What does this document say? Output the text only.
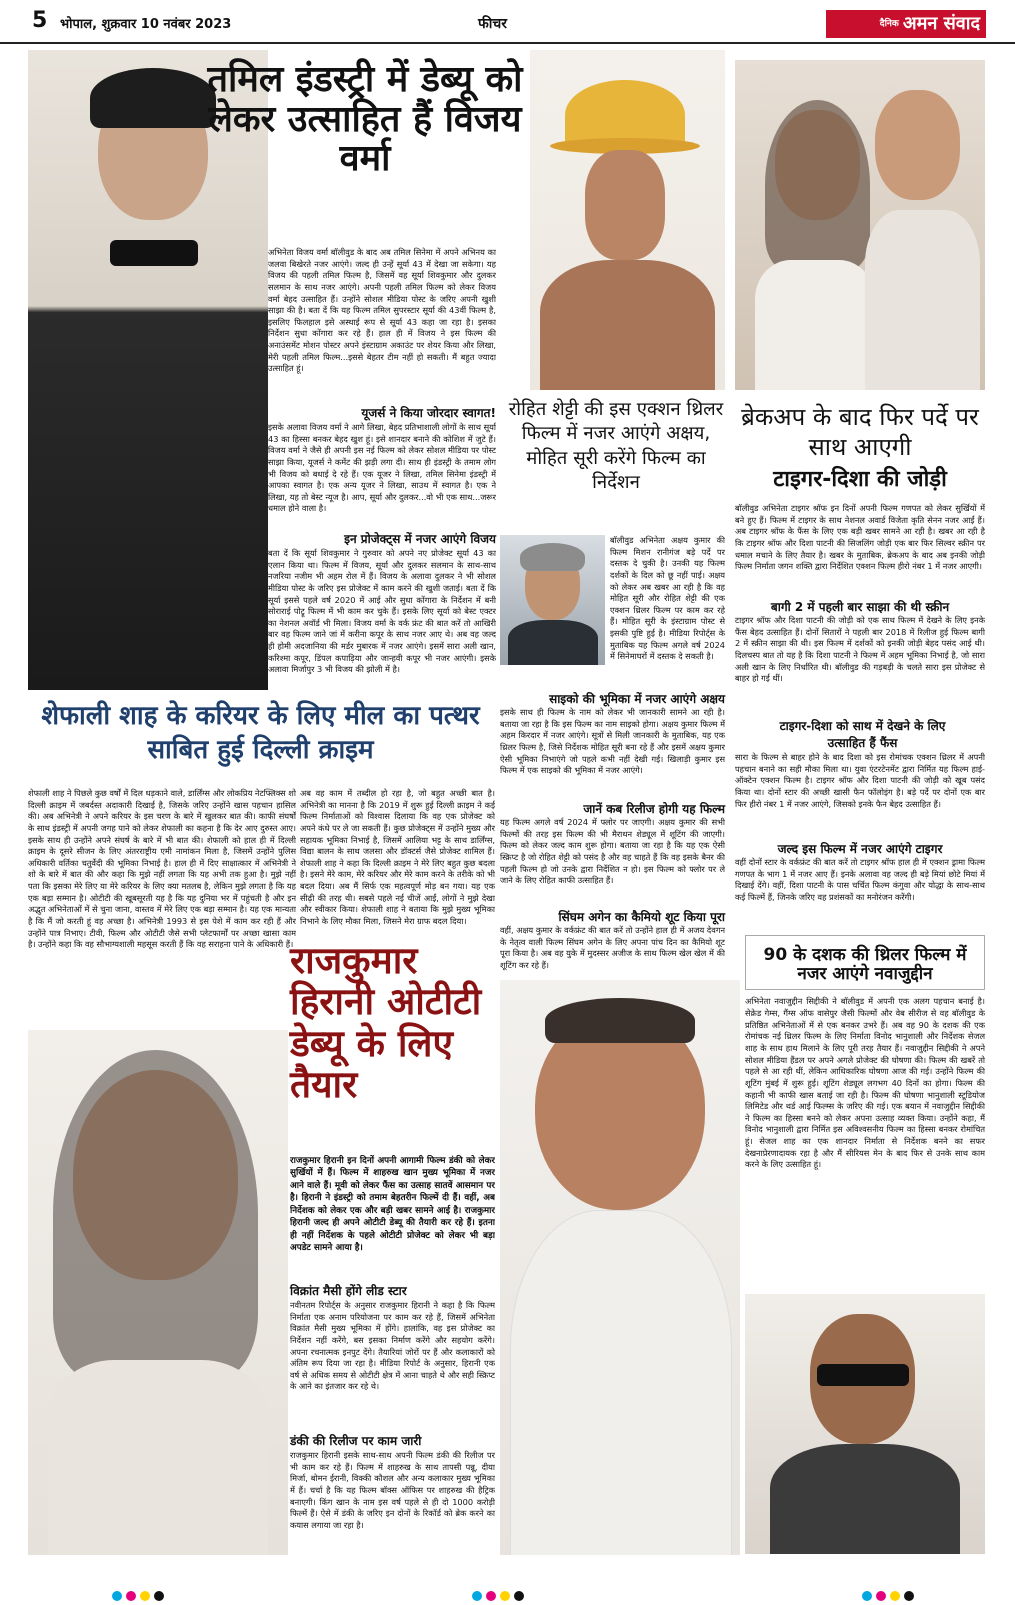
5 भोपाल, शुक्रवार 10 नवंबर 2023	फीचर	दैनिक अमन संवाद
तमिल इंडस्ट्री में डेब्यू को लेकर उत्साहित हैं विजय वर्मा
अभिनेता विजय वर्मा बॉलीवुड के बाद अब तमिल सिनेमा में अपने अभिनय का जलवा बिखेरते नजर आएंगे। जल्द ही उन्हें सूर्या 43 में देखा जा सकेगा। यह विजय की पहली तमिल फिल्म है, जिसमें वह सूर्या शिवकुमार और दुलकर सलमान के साथ नजर आएंगे। अपनी पहली तमिल फिल्म को लेकर विजय वर्मा बेहद उत्साहित हैं। उन्होंने सोशल मीडिया पोस्ट के जरिए अपनी खुशी साझा की है। बता दें कि यह फिल्म तमिल सुपरस्टार सूर्या की 43वीं फिल्म है, इसलिए फिलहाल इसे अस्थाई रूप से सूर्या 43 कहा जा रहा है। इसका निर्देशन सुधा कोंगारा कर रहे हैं। हाल ही में विजय ने इस फिल्म की अनाउंसमेंट मोशन पोस्टर अपने इंस्टाग्राम अकाउंट पर शेयर किया और लिखा, मेरी पहली तमिल फिल्म...इससे बेहतर टीम नहीं हो सकती। मैं बहुत ज्यादा उत्साहित हूं।
यूजर्स ने किया जोरदार स्वागत!
इसके अलावा विजय वर्मा ने आगे लिखा, बेहद प्रतिभाशाली लोगों के साथ सूर्या 43 का हिस्सा बनकर बेहद खुश हूं। इसे शानदार बनाने की कोशिश में जुटे हैं। विजय वर्मा ने जैसे ही अपनी इस नई फिल्म को लेकर सोशल मीडिया पर पोस्ट साझा किया, यूजर्स ने कमेंट की झड़ी लगा दी। साथ ही इंडस्ट्री के तमाम लोग भी विजय को बधाई दे रहे हैं। एक यूजर ने लिखा, तमिल सिनेमा इंडस्ट्री में आपका स्वागत है। एक अन्य यूजर ने लिखा, साउथ में स्वागत है। एक ने लिखा, यह तो बेस्ट न्यूज है। आप, सूर्या और दुलकर...वो भी एक साथ...जरूर धमाल होने वाला है।
इन प्रोजेक्ट्स में नजर आएंगे विजय
बता दें कि सूर्या शिवकुमार ने गुरुवार को अपने नए प्रोजेक्ट सूर्या 43 का एलान किया था। फिल्म में विजय, सूर्या और दुलकर सलमान के साथ-साथ नजरिया नजीम भी अहम रोल में हैं। विजय के अलावा दुलकर ने भी सोशल मीडिया पोस्ट के जरिए इस प्रोजेक्ट में काम करने की खुशी जताई। बता दें कि सूर्या इससे पहले वर्ष 2020 में आई और सुधा कोंगारा के निर्देशन में बनी सोराराई पोट्रू फिल्म में भी काम कर चुके हैं। इसके लिए सूर्या को बेस्ट एक्टर का नेशनल अवॉर्ड भी मिला। विजय वर्मा के वर्क फ्रंट की बात करें तो आखिरी बार वह फिल्म जाने जां में करीना कपूर के साथ नजर आए थे। अब वह जल्द ही होमी अदजानिया की मर्डर मुबारक में नजर आएंगे। इसमें सारा अली खान, करिश्मा कपूर, डिंपल कपाड़िया और जान्हवी कपूर भी नजर आएंगी। इसके अलावा मिर्जापुर 3 भी विजय की झोली में है।
रोहित शेट्टी की इस एक्शन थ्रिलर फिल्म में नजर आएंगे अक्षय, मोहित सूरी करेंगे फिल्म का निर्देशन
बॉलीवुड अभिनेता अक्षय कुमार की फिल्म मिशन रानीगंज बड़े पर्दे पर दस्तक दे चुकी है। उनकी यह फिल्म दर्शकों के दिल को छू नहीं पाई। अक्षय को लेकर अब खबर आ रही है कि वह मोहित सूरी और रोहित शेट्टी की एक एक्शन थ्रिलर फिल्म पर काम कर रहे हैं। मोहित सूरी के इंस्टाग्राम पोस्ट से इसकी पुष्टि हुई है। मीडिया रिपोर्ट्स के मुताबिक यह फिल्म अगले वर्ष 2024 में सिनेमाघरों में दस्तक दे सकती है।
साइको की भूमिका में नजर आएंगे अक्षय
इसके साथ ही फिल्म के नाम को लेकर भी जानकारी सामने आ रही है। बताया जा रहा है कि इस फिल्म का नाम साइको होगा। अक्षय कुमार फिल्म में अहम किरदार में नजर आएंगे। सूत्रों से मिली जानकारी के मुताबिक, यह एक थ्रिलर फिल्म है, जिसे निर्देशक मोहित सूरी बना रहे हैं और इसमें अक्षय कुमार ऐसी भूमिका निभाएंगे जो पहले कभी नहीं देखी गई। खिलाड़ी कुमार इस फिल्म में एक साइको की भूमिका में नजर आएंगे।
जानें कब रिलीज होगी यह फिल्म
यह फिल्म अगले वर्ष 2024 में फ्लोर पर जाएगी। अक्षय कुमार की सभी फिल्मों की तरह इस फिल्म की भी मैराथन शेड्यूल में शूटिंग की जाएगी। फिल्म को लेकर जल्द काम शुरू होगा। बताया जा रहा है कि यह एक ऐसी स्क्रिप्ट है जो रोहित शेट्टी को पसंद है और वह चाहते हैं कि वह इसके बैनर की पहली फिल्म हो जो उनके द्वारा निर्देशित न हो। इस फिल्म को फ्लोर पर ले जाने के लिए रोहित काफी उत्साहित हैं।
सिंघम अगेन का कैमियो शूट किया पूरा
वहीं, अक्षय कुमार के वर्कफ्रंट की बात करें तो उन्होंने हाल ही में अजय देवगन के नेतृत्व वाली फिल्म सिंघम अगेन के लिए अपना पांच दिन का कैमियो शूट पूरा किया है। अब वह युके में मुदस्सर अजीज के साथ फिल्म खेल खेल में की शूटिंग कर रहे हैं।
ब्रेकअप के बाद फिर पर्दे पर साथ आएगी
टाइगर-दिशा की जोड़ी
बॉलीवुड अभिनेता टाइगर श्रॉफ इन दिनों अपनी फिल्म गणपत को लेकर सुर्खियों में बने हुए हैं। फिल्म में टाइगर के साथ नेशनल अवार्ड विजेता कृति सेनन नजर आईं हैं। अब टाइगर श्रॉफ के फैंस के लिए एक बड़ी खबर सामने आ रही है। खबर आ रही है कि टाइगर श्रॉफ और दिशा पाटनी की सिजलिंग जोड़ी एक बार फिर सिल्वर स्क्रीन पर धमाल मचाने के लिए तैयार है। खबर के मुताबिक, ब्रेकअप के बाद अब इनकी जोड़ी फिल्म निर्माता जगन शक्ति द्वारा निर्देशित एक्शन फिल्म हीरो नंबर 1 में नजर आएगी।
बागी 2 में पहली बार साझा की थी स्क्रीन
टाइगर श्रॉफ और दिशा पाटनी की जोड़ी को एक साथ फिल्म में देखने के लिए इनके फैंस बेहद उत्साहित हैं। दोनों सितारों ने पहली बार 2018 में रिलीज हुई फिल्म बागी 2 में स्क्रीन साझा की थी। इस फिल्म में दर्शकों को इनकी जोड़ी बेहद पसंद आई थी। दिलचस्प बात तो यह है कि दिशा पाटनी ने फिल्म में अहम भूमिका निभाई है, जो सारा अली खान के लिए निर्धारित थी। बॉलीवुड की गड़बड़ी के चलते सारा इस प्रोजेक्ट से बाहर हो गई थीं।
टाइगर-दिशा को साथ में देखने के लिए उत्साहित हैं फैंस
सारा के फिल्म से बाहर होने के बाद दिशा को इस रोमांचक एक्शन थ्रिलर में अपनी पहचान बनाने का सही मौका मिला था। युवा एंटरटेनमेंट द्वारा निर्मित यह फिल्म हाई-ऑक्टेन एक्शन फिल्म है। टाइगर श्रॉफ और दिशा पाटनी की जोड़ी को खूब पसंद किया था। दोनों स्टार की अच्छी खासी फैन फॉलोइंग है। बड़े पर्दे पर दोनों एक बार फिर हीरो नंबर 1 में नजर आएंगे, जिसको इनके फैन बेहद उत्साहित हैं।
जल्द इस फिल्म में नजर आएंगे टाइगर
वहीं दोनों स्टार के वर्कफ्रंट की बात करें तो टाइगर श्रॉफ हाल ही में एक्शन ड्रामा फिल्म गणपत के भाग 1 में नजर आए हैं। इनके अलावा वह जल्द ही बड़े मियां छोटे मियां में दिखाई देंगे। वहीं, दिशा पाटनी के पास चर्चित फिल्म कंगुवा और योद्धा के साथ-साथ कई फिल्में हैं, जिनके जरिए वह प्रशंसकों का मनोरंजन करेंगी।
शेफाली शाह के करियर के लिए मील का पत्थर साबित हुई दिल्ली क्राइम
शेफाली शाह ने पिछले कुछ वर्षों में दिल धड़काने वाले, डार्लिंग्स और लोकप्रिय नेटफ्लिक्स शो दिल्ली क्राइम में जबर्दस्त अदाकारी दिखाई है, जिसके जरिए उन्होंने खास पहचान हासिल की। अब अभिनेत्री ने अपने करियर के इस चरण के बारे में खुलकर बात की। काफी संघर्षों के साथ इंडस्ट्री में अपनी जगह पाने को लेकर शेफाली का कहना है कि देर आए दुरुस्त आए। इसके साथ ही उन्होंने अपने संघर्ष के बारे में भी बात की। शेफाली को हाल ही में दिल्ली क्राइम के दूसरे सीजन के लिए अंतरराष्ट्रीय एमी नामांकन मिला है, जिसमें उन्होंने पुलिस अधिकारी वर्तिका चतुर्वेदी की भूमिका निभाई है। हाल ही में दिए साक्षात्कार में अभिनेत्री ने शो के बारे में बात की और कहा कि मुझे नहीं लगता कि यह अभी तक हुआ है। मुझे नहीं पता कि इसका मेरे लिए या मेरे करियर के लिए क्या मतलब है, लेकिन मुझे लगता है कि यह एक बड़ा सम्मान है। ओटीटी की खूबसूरती यह है कि यह दुनिया भर में पहुंचती है और इन अद्भुत अभिनेताओं में से चुना जाना, वास्तव में मेरे लिए एक बड़ा सम्मान है। यह एक मान्यता है कि मैं जो करती हूं वह अच्छा है। अभिनेत्री 1993 से इस पेशे में काम कर रही हैं और उन्होंने पात्र निभाए। टीवी, फिल्म और ओटीटी जैसे सभी प्लेटफार्मों पर अच्छा खासा काम है। उन्होंने कहा कि वह सौभाग्यशाली महसूस करती हैं कि वह सराहना पाने के अधिकारी हैं।
अब वह काम में तब्दील हो रहा है, जो बहुत अच्छी बात है। अभिनेत्री का मानना है कि 2019 में शुरू हुई दिल्ली क्राइम ने कई फिल्म निर्माताओं को विश्वास दिलाया कि वह एक प्रोजेक्ट को अपने कंधे पर ले जा सकती हैं। कुछ प्रोजेक्ट्स में उन्होंने मुख्य और सहायक भूमिका निभाई है, जिसमें आलिया भट्ट के साथ डार्लिंग्स, विद्या बालन के साथ जलसा और डॉक्टर्स जैसे प्रोजेक्ट शामिल हैं। शेफाली शाह ने कहा कि दिल्ली क्राइम ने मेरे लिए बहुत कुछ बदला है। इसने मेरे काम, मेरे करियर और मेरे काम करने के तरीके को भी बदल दिया। अब मैं सिर्फ एक महत्वपूर्ण मोड़ बन गया। यह एक सीढ़ी की तरह थी। सबसे पहले नई चीजें आईं, लोगों ने मुझे देखा और स्वीकार किया। शेफाली शाह ने बताया कि मुझे मुख्य भूमिका निभाने के लिए मौका मिला, जिसने मेरा ग्राफ बदल दिया।
राजकुमार हिरानी ओटीटी डेब्यू के लिए तैयार
राजकुमार हिरानी इन दिनों अपनी आगामी फिल्म डंकी को लेकर सुर्खियों में हैं। फिल्म में शाहरुख खान मुख्य भूमिका में नजर आने वाले हैं। मूवी को लेकर फैंस का उत्साह सातवें आसमान पर है। हिरानी ने इंडस्ट्री को तमाम बेहतरीन फिल्में दी हैं। वहीं, अब निर्देशक को लेकर एक और बड़ी खबर सामने आई है। राजकुमार हिरानी जल्द ही अपने ओटीटी डेब्यू की तैयारी कर रहे हैं। इतना ही नहीं निर्देशक के पहले ओटीटी प्रोजेक्ट को लेकर भी बड़ा अपडेट सामने आया है।
विक्रांत मैसी होंगे लीड स्टार
नवीनतम रिपोर्ट्स के अनुसार राजकुमार हिरानी ने कहा है कि फिल्म निर्माता एक अनाम परियोजना पर काम कर रहे हैं, जिसमें अभिनेता विक्रांत मैसी मुख्य भूमिका में होंगे। हालांकि, वह इस प्रोजेक्ट का निर्देशन नहीं करेंगे, बस इसका निर्माण करेंगे और सहयोग करेंगे। अपना रचनात्मक इनपुट देंगे। तैयारियां जोरों पर हैं और कलाकारों को अंतिम रूप दिया जा रहा है। मीडिया रिपोर्ट के अनुसार, हिरानी एक वर्ष से अधिक समय से ओटीटी क्षेत्र में आना चाहते थे और सही स्क्रिप्ट के आने का इंतजार कर रहे थे।
डंकी की रिलीज पर काम जारी
राजकुमार हिरानी इसके साथ-साथ अपनी फिल्म डंकी की रिलीज पर भी काम कर रहे हैं। फिल्म में शाहरुख के साथ तापसी पन्नू, दीया मिर्जा, बोमन ईरानी, विक्की कौशल और अन्य कलाकार मुख्य भूमिका में हैं। चर्चा है कि यह फिल्म बॉक्स ऑफिस पर शाहरुख की हैट्रिक बनाएगी। किंग खान के नाम इस वर्ष पहले से ही दो 1000 करोड़ी फिल्में हैं। ऐसे में डंकी के जरिए इन दोनों के रिकॉर्ड को ब्रेक करने का कयास लगाया जा रहा है।
90 के दशक की थ्रिलर फिल्म में नजर आएंगे नवाजुद्दीन
अभिनेता नवाजुद्दीन सिद्दीकी ने बॉलीवुड में अपनी एक अलग पहचान बनाई है। सेक्रेड गेम्स, गैंग्स ऑफ वासेपुर जैसी फिल्मों और वेब सीरीज से वह बॉलीवुड के प्रतिष्ठित अभिनेताओं में से एक बनकर उभरे हैं। अब वह 90 के दशक की एक रोमांचक नई थ्रिलर फिल्म के लिए निर्माता विनोद भानुशाली और निर्देशक सेजल शाह के साथ हाथ मिलाने के लिए पूरी तरह तैयार हैं। नवाजुद्दीन सिद्दीकी ने अपने सोशल मीडिया हैंडल पर अपने अगले प्रोजेक्ट की घोषणा की। फिल्म की खबरें तो पहले से आ रही थीं, लेकिन आधिकारिक घोषणा आज की गई। उन्होंने फिल्म की शूटिंग मुंबई में शुरू हुई। शूटिंग शेड्यूल लगभग 40 दिनों का होगा। फिल्म की कहानी भी काफी खास बताई जा रही है। फिल्म की घोषणा भानुशाली स्टूडियोज लिमिटेड और थर्ड आई फिल्म्स के जरिए की गई। एक बयान में नवाजुद्दीन सिद्दीकी ने फिल्म का हिस्सा बनने को लेकर अपना उत्साह व्यक्त किया। उन्होंने कहा, मैं विनोद भानुशाली द्वारा निर्मित इस अविश्वसनीय फिल्म का हिस्सा बनकर रोमांचित हूं। सेजल शाह का एक शानदार निर्माता से निर्देशक बनने का सफर देखनाप्रेरणादायक रहा है और मैं सीरियस मेन के बाद फिर से उनके साथ काम करने के लिए उत्साहित हूं।
